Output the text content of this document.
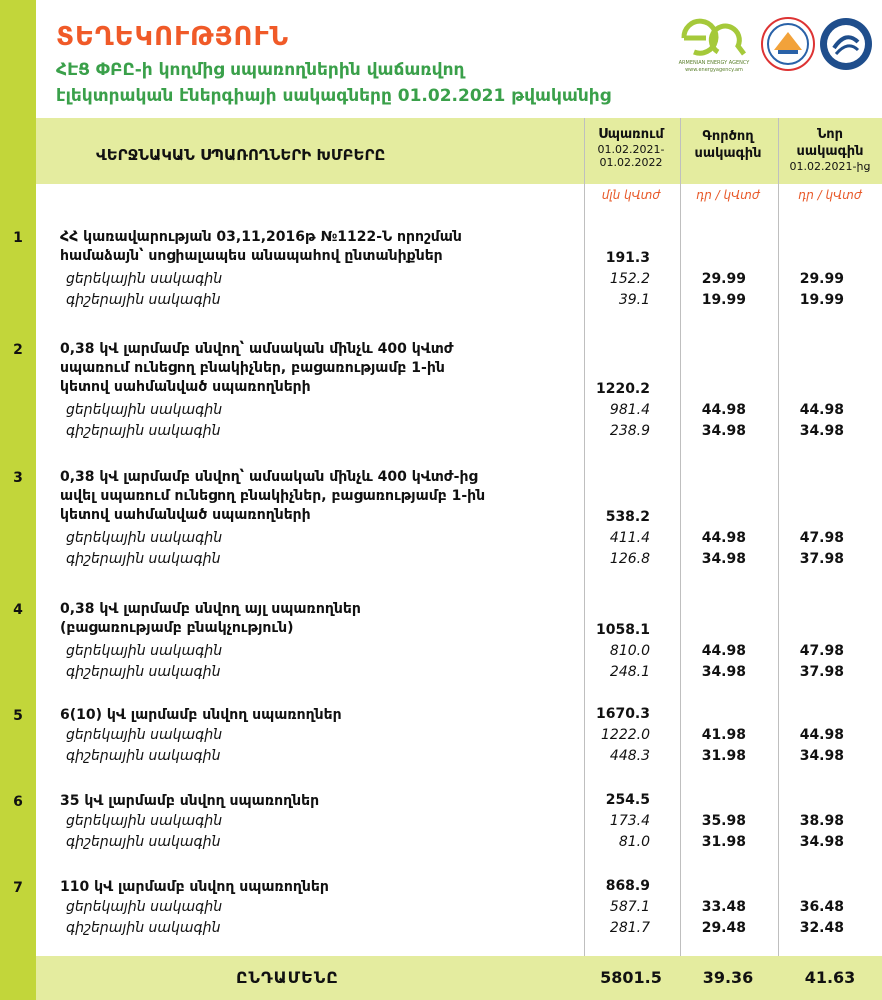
ՏԵՂԵԿՈՒԹՅՈՒՆ
ՀԷՑ ՓԲԸ-ի կողմից սպառողներին վաճառվող
էլեկտրական էներգիայի սակագները 01.02.2021 թվականից
ARMENIAN ENERGY AGENCY
www.energyagency.am
ՎԵՐՋՆԱԿԱՆ ՍՊԱՌՈՂՆԵՐԻ ԽՄԲԵՐԸ
Սպառում
01.02.2021-
01.02.2022
Գործող
սակագին
Նոր
սակագին
01.02.2021-ից
մլն կՎտժ	դր / կՎտժ	դր / կՎտժ
1	ՀՀ կառավարության 03,11,2016թ №1122-Ն որոշման
համաձայն՝ սոցիալապես անապահով ընտանիքներ	191.3
ցերեկային սակագին	152.2	29.99	29.99
գիշերային սակագին	39.1	19.99	19.99
2	0,38 կՎ լարմամբ սնվող՝ ամսական մինչև 400 կՎտժ
սպառում ունեցող բնակիչներ, բացառությամբ 1-ին
կետով սահմանված սպառողների	1220.2
ցերեկային սակագին	981.4	44.98	44.98
գիշերային սակագին	238.9	34.98	34.98
3	0,38 կՎ լարմամբ սնվող՝ ամսական մինչև 400 կՎտժ-ից
ավել սպառում ունեցող բնակիչներ, բացառությամբ 1-ին
կետով սահմանված սպառողների	538.2
ցերեկային սակագին	411.4	44.98	47.98
գիշերային սակագին	126.8	34.98	37.98
4	0,38 կՎ լարմամբ սնվող այլ սպառողներ
(բացառությամբ բնակչություն)	1058.1
ցերեկային սակագին	810.0	44.98	47.98
գիշերային սակագին	248.1	34.98	37.98
5	6(10) կՎ լարմամբ սնվող սպառողներ	1670.3
ցերեկային սակագին	1222.0	41.98	44.98
գիշերային սակագին	448.3	31.98	34.98
6	35 կՎ լարմամբ սնվող սպառողներ	254.5
ցերեկային սակագին	173.4	35.98	38.98
գիշերային սակագին	81.0	31.98	34.98
7	110 կՎ լարմամբ սնվող սպառողներ	868.9
ցերեկային սակագին	587.1	33.48	36.48
գիշերային սակագին	281.7	29.48	32.48
ԸՆԴԱՄԵՆԸ	5801.5	39.36	41.63
